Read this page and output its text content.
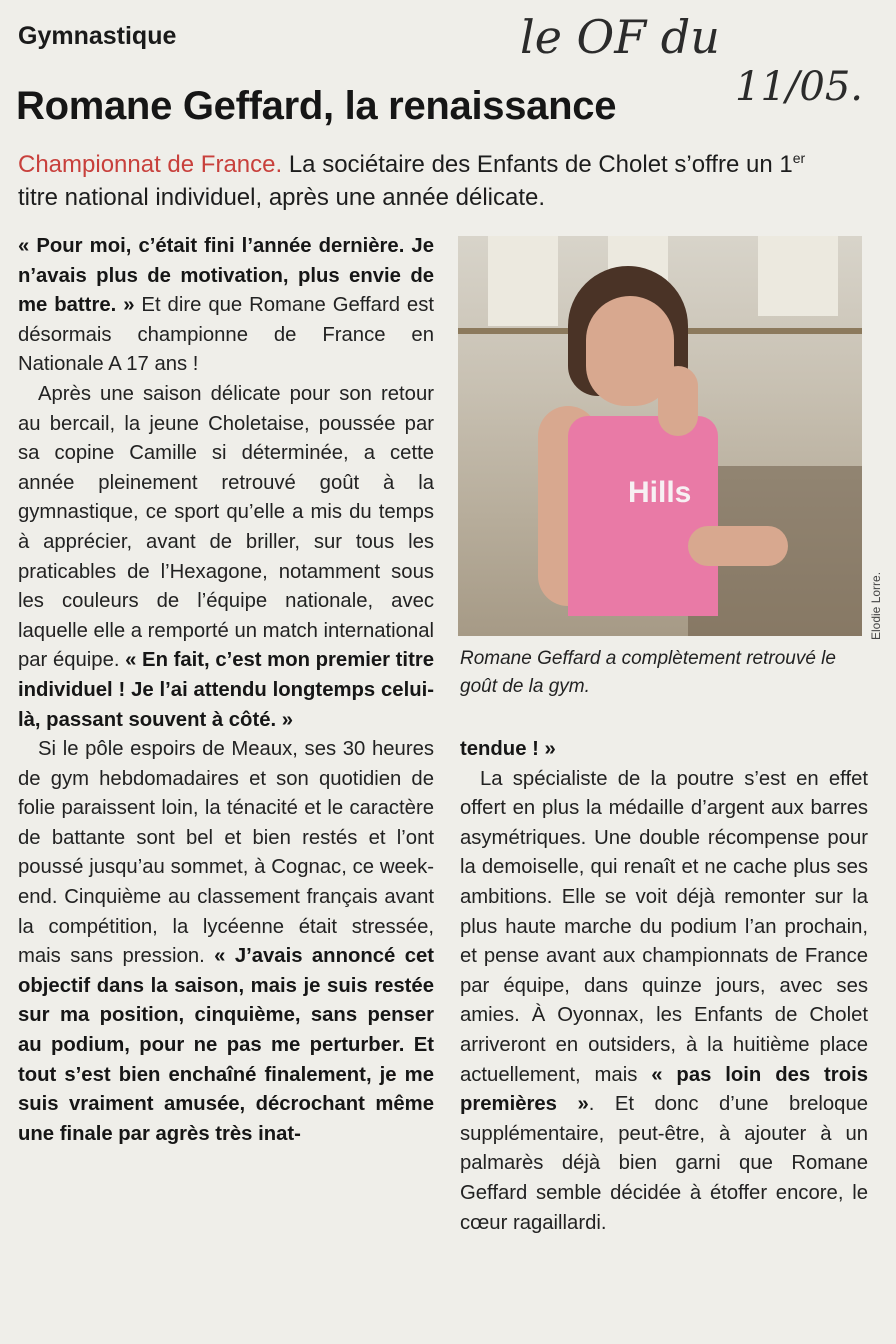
Gymnastique	le OF du
11/05.
Romane Geffard, la renaissance
Championnat de France. La sociétaire des Enfants de Cholet s’offre un 1er titre national individuel, après une année délicate.

« Pour moi, c’était fini l’année dernière. Je n’avais plus de motivation, plus envie de me battre. » Et dire que Romane Geffard est désormais championne de France en Nationale A 17 ans !

Après une saison délicate pour son retour au bercail, la jeune Choletaise, poussée par sa copine Camille si déterminée, a cette année pleinement retrouvé goût à la gymnastique, ce sport qu’elle a mis du temps à apprécier, avant de briller, sur tous les praticables de l’Hexagone, notamment sous les couleurs de l’équipe nationale, avec laquelle elle a remporté un match international par équipe. « En fait, c’est mon premier titre individuel ! Je l’ai attendu longtemps celui-là, passant souvent à côté. »

Si le pôle espoirs de Meaux, ses 30 heures de gym hebdomadaires et son quotidien de folie paraissent loin, la ténacité et le caractère de battante sont bel et bien restés et l’ont poussé jusqu’au sommet, à Cognac, ce week-end. Cinquième au classement français avant la compétition, la lycéenne était stressée, mais sans pression. « J’avais annoncé cet objectif dans la saison, mais je suis restée sur ma position, cinquième, sans penser au podium, pour ne pas me perturber. Et tout s’est bien enchaîné finalement, je me suis vraiment amusée, décrochant même une finale par agrès très inat-

Hills
Elodie Lorre.
Romane Geffard a complètement retrouvé le goût de la gym.

tendue ! »

La spécialiste de la poutre s’est en effet offert en plus la médaille d’argent aux barres asymétriques. Une double récompense pour la demoiselle, qui renaît et ne cache plus ses ambitions. Elle se voit déjà remonter sur la plus haute marche du podium l’an prochain, et pense avant aux championnats de France par équipe, dans quinze jours, avec ses amies. À Oyonnax, les Enfants de Cholet arriveront en outsiders, à la huitième place actuellement, mais « pas loin des trois premières ». Et donc d’une breloque supplémentaire, peut-être, à ajouter à un palmarès déjà bien garni que Romane Geffard semble décidée à étoffer encore, le cœur ragaillardi.
